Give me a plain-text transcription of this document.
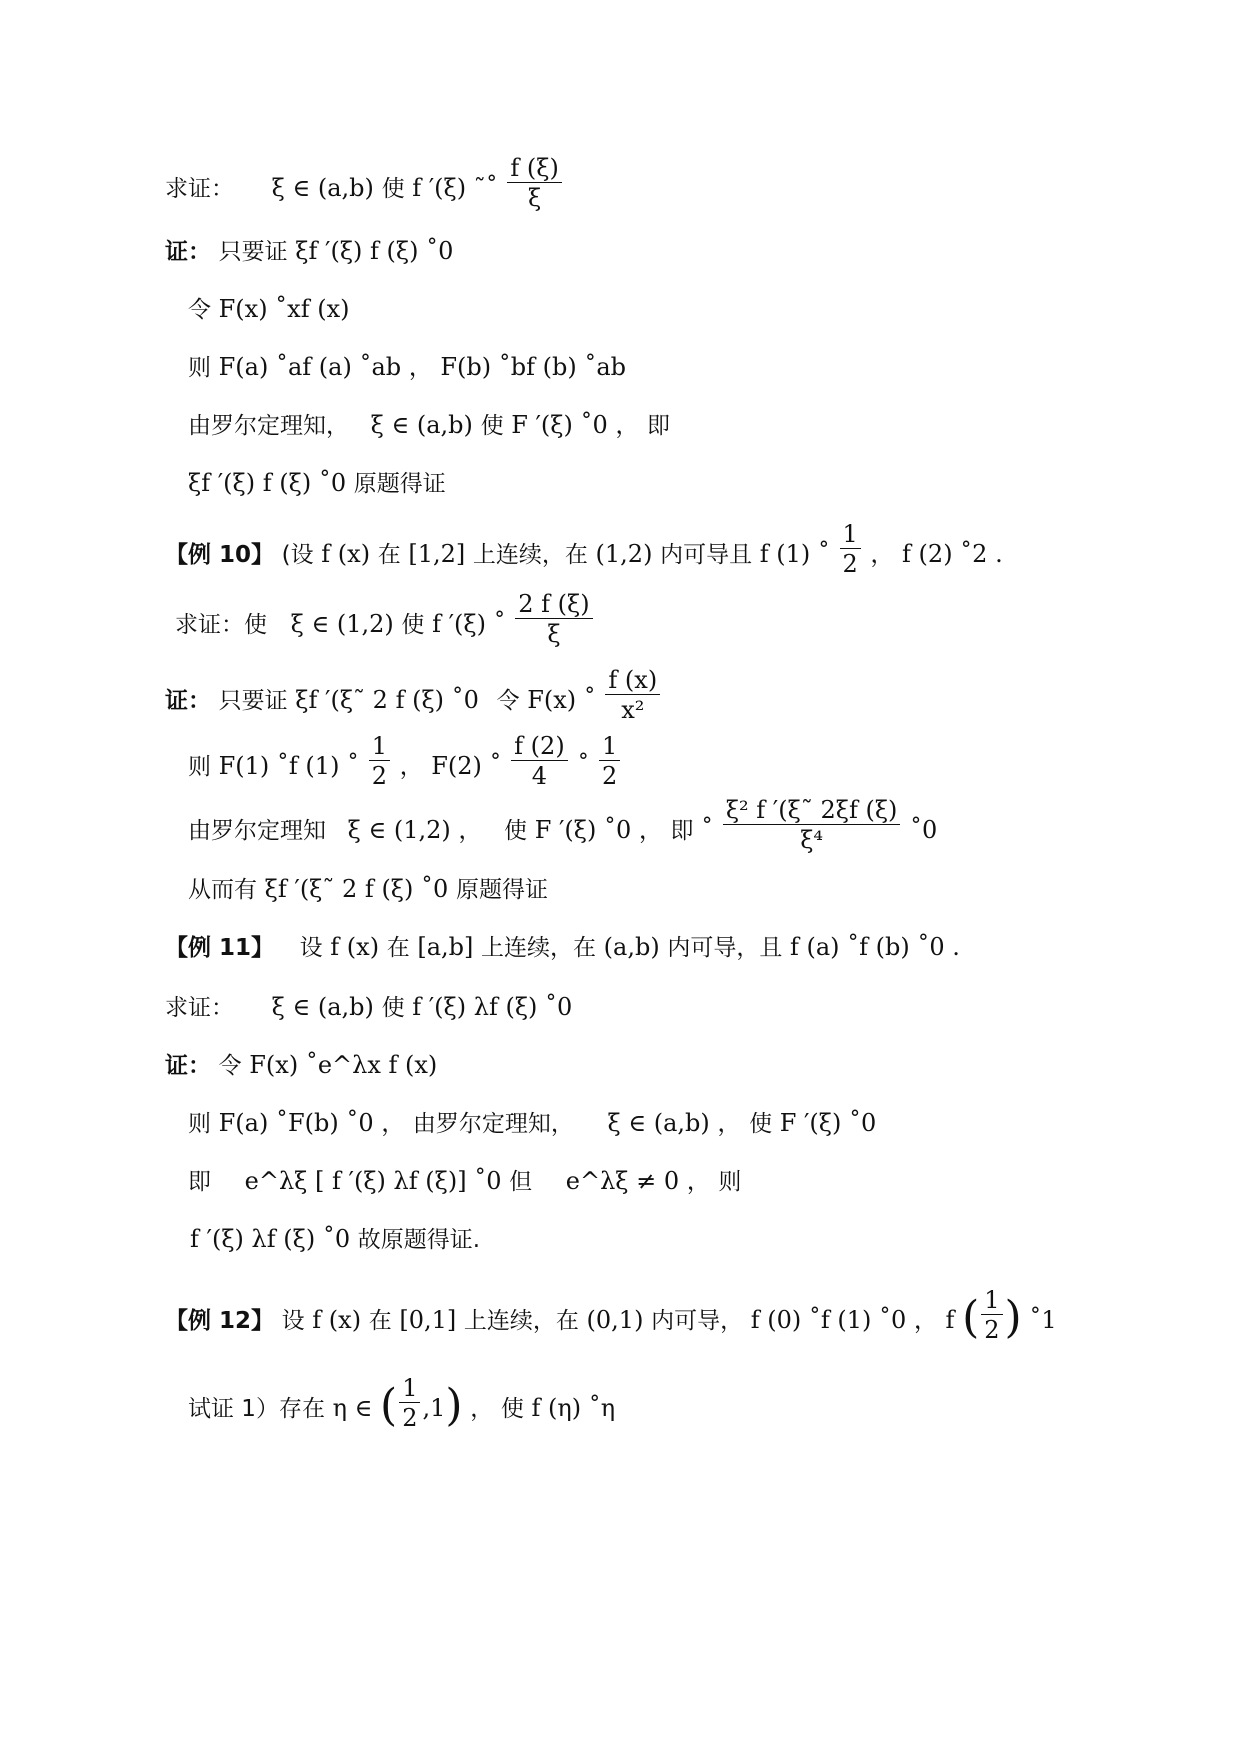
求证： ξ ∈ (a,b) 使 f ′(ξ) ˜˚ $\frac{f (\xi)}{\xi}$
证： 只要证 ξf ′(ξ) f (ξ) ˚0
令 F(x) ˚xf (x)
则 F(a) ˚af (a) ˚ab ， F(b) ˚bf (b) ˚ab
由罗尔定理知， ξ ∈ (a,b) 使 F ′(ξ) ˚0 ， 即
ξf ′(ξ) f (ξ) ˚0 原题得证
【例 10】 (设 f (x) 在 [1,2] 上连续，在 (1,2) 内可导且 f (1) ˚ $\frac{1}{2}$ ， f (2) ˚2 .
求证：使 ξ ∈ (1,2) 使 f ′(ξ) ˚ $\frac{2 f (\xi)}{\xi}$
证： 只要证 ξf ′(ξ˜ 2 f (ξ) ˚0 令 F(x) ˚ $\frac{f (x)}{\text{x²}}$
则 F(1) ˚f (1) ˚ $\frac{1}{2}$ ， F(2) ˚ $\frac{f (2)}{4}$ ˚ $\frac{1}{2}$
由罗尔定理知 ξ ∈ (1,2) ， 使 F ′(ξ) ˚0 ， 即 ˚ $\frac{\text{ξ² f ′(ξ˜ 2ξf (ξ)}}{\text{ξ⁴}}$ ˚0
从而有 ξf ′(ξ˜ 2 f (ξ) ˚0 原题得证
【例 11】 设 f (x) 在 [a,b] 上连续，在 (a,b) 内可导，且 f (a) ˚f (b) ˚0 .
求证： ξ ∈ (a,b) 使 f ′(ξ) λf (ξ) ˚0
证： 令 F(x) ˚e^λx f (x)
则 F(a) ˚F(b) ˚0 ， 由罗尔定理知， ξ ∈ (a,b) ， 使 F ′(ξ) ˚0
即 e^λξ [ f ′(ξ) λf (ξ)] ˚0 但 e^λξ ≠ 0 ， 则
f ′(ξ) λf (ξ) ˚0 故原题得证.
【例 12】 设 f (x) 在 [0,1] 上连续，在 (0,1) 内可导， f (0) ˚f (1) ˚0 ， f ( $\frac{1}{2}$ ) ˚1
试证 1）存在 η ∈ ( $\frac{1}{2} ,1$) ， 使 f (η) ˚η
